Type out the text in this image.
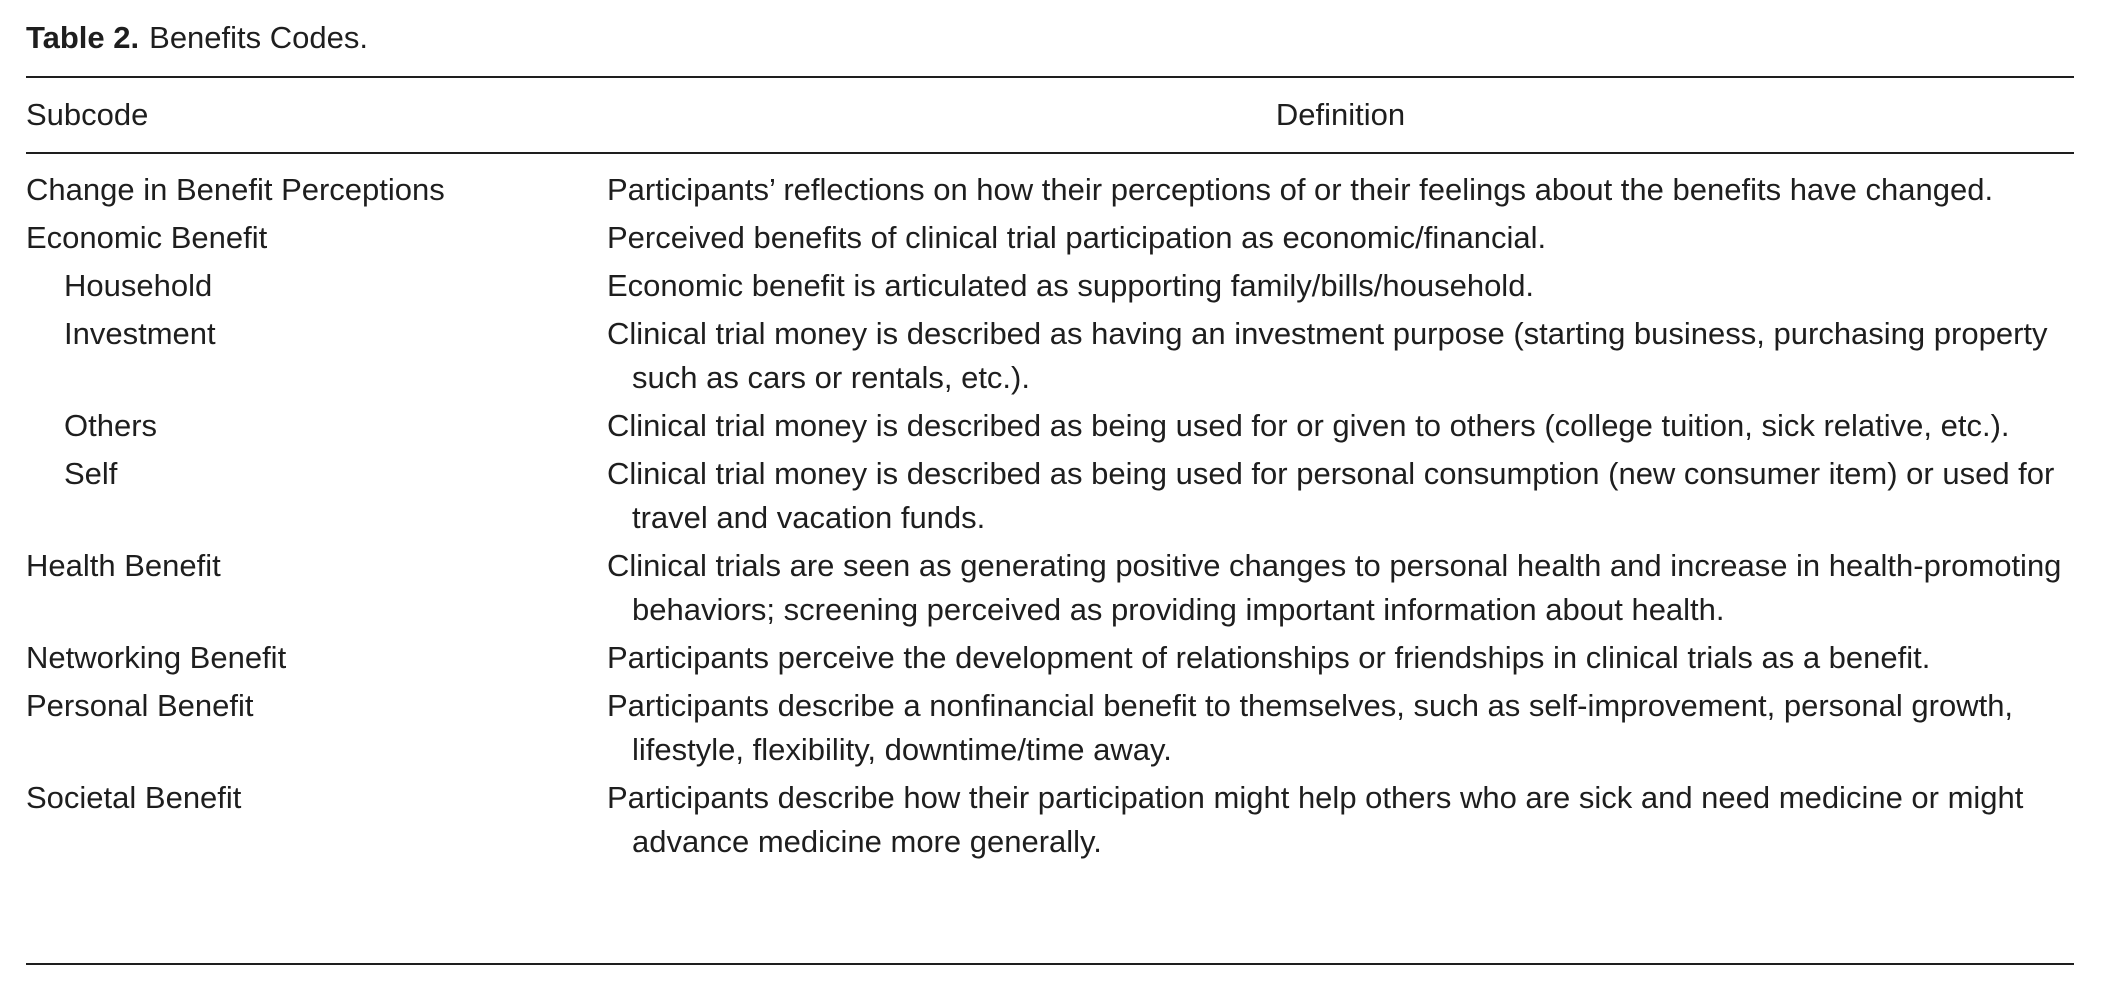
Table 2. Benefits Codes.
Subcode	Definition
Change in Benefit Perceptions	Participants’ reflections on how their perceptions of or their feelings about the benefits have changed.
Economic Benefit	Perceived benefits of clinical trial participation as economic/financial.
Household	Economic benefit is articulated as supporting family/bills/household.
Investment	Clinical trial money is described as having an investment purpose (starting business, purchasing property such as cars or rentals, etc.).
Others	Clinical trial money is described as being used for or given to others (college tuition, sick relative, etc.).
Self	Clinical trial money is described as being used for personal consumption (new consumer item) or used for travel and vacation funds.
Health Benefit	Clinical trials are seen as generating positive changes to personal health and increase in health-promoting behaviors; screening perceived as providing important information about health.
Networking Benefit	Participants perceive the development of relationships or friendships in clinical trials as a benefit.
Personal Benefit	Participants describe a nonfinancial benefit to themselves, such as self-improvement, personal growth, lifestyle, flexibility, downtime/time away.
Societal Benefit	Participants describe how their participation might help others who are sick and need medicine or might advance medicine more generally.
